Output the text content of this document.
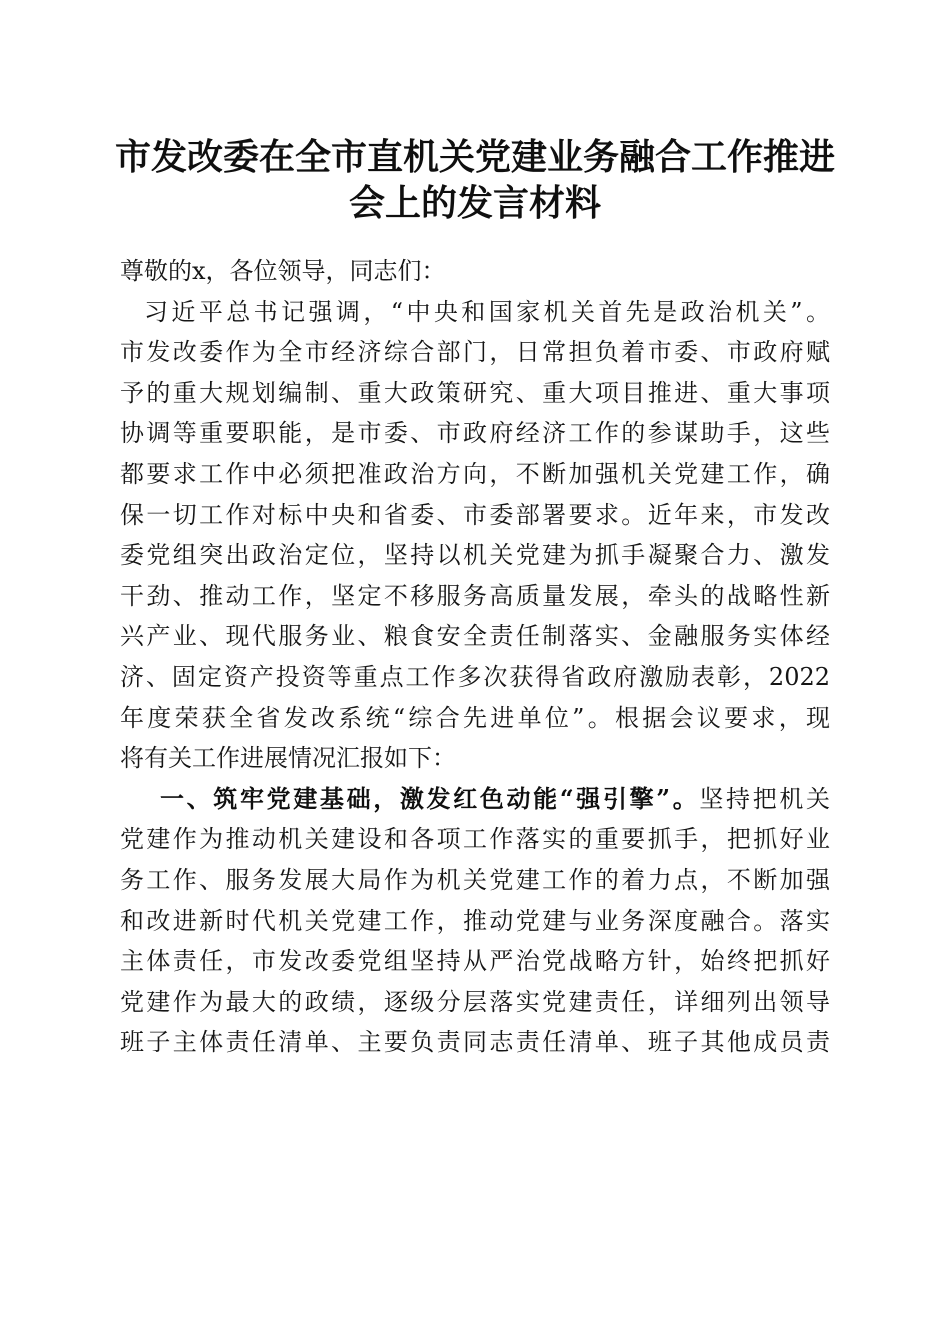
市发改委在全市直机关党建业务融合工作推进
会上的发言材料
尊敬的x，各位领导，同志们：
习近平总书记强调，“中央和国家机关首先是政治机关”。
市发改委作为全市经济综合部门，日常担负着市委、市政府赋
予的重大规划编制、重大政策研究、重大项目推进、重大事项
协调等重要职能，是市委、市政府经济工作的参谋助手，这些
都要求工作中必须把准政治方向，不断加强机关党建工作，确
保一切工作对标中央和省委、市委部署要求。近年来，市发改
委党组突出政治定位，坚持以机关党建为抓手凝聚合力、激发
干劲、推动工作，坚定不移服务高质量发展，牵头的战略性新
兴产业、现代服务业、粮食安全责任制落实、金融服务实体经
济、固定资产投资等重点工作多次获得省政府激励表彰，2022
年度荣获全省发改系统“综合先进单位”。根据会议要求，现
将有关工作进展情况汇报如下：
一、筑牢党建基础，激发红色动能“强引擎”。坚持把机关
党建作为推动机关建设和各项工作落实的重要抓手，把抓好业
务工作、服务发展大局作为机关党建工作的着力点，不断加强
和改进新时代机关党建工作，推动党建与业务深度融合。落实
主体责任，市发改委党组坚持从严治党战略方针，始终把抓好
党建作为最大的政绩，逐级分层落实党建责任，详细列出领导
班子主体责任清单、主要负责同志责任清单、班子其他成员责
